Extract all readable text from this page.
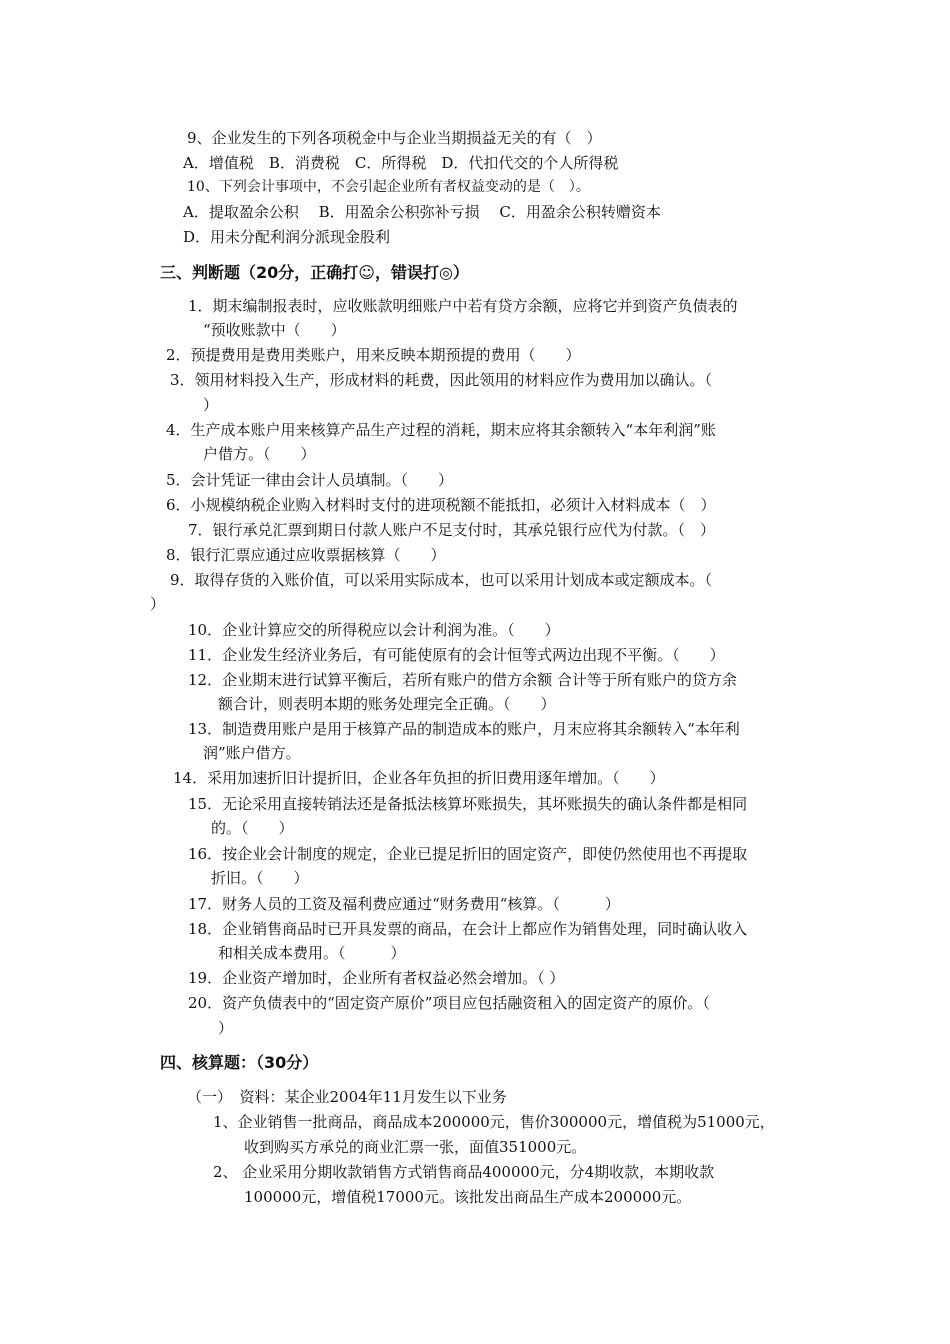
9、企业发生的下列各项税金中与企业当期损益无关的有（　）
A．增值税　B．消费税　C．所得税　D．代扣代交的个人所得税
10、下列会计事项中，不会引起企业所有者权益变动的是（　）。
A．提取盈余公积　 B．用盈余公积弥补亏损　 C．用盈余公积转赠资本
D．用未分配利润分派现金股利
三、判断题（20分，正确打☺，错误打◎）
1．期末编制报表时，应收账款明细账户中若有贷方余额，应将它并到资产负债表的
“预收账款中（　　）
2．预提费用是费用类账户，用来反映本期预提的费用（　　）
3．领用材料投入生产，形成材料的耗费，因此领用的材料应作为费用加以确认。（
）
4．生产成本账户用来核算产品生产过程的消耗，期末应将其余额转入“本年利润”账
户借方。（　　）
5．会计凭证一律由会计人员填制。（　　）
6．小规模纳税企业购入材料时支付的进项税额不能抵扣，必须计入材料成本（　）
7．银行承兑汇票到期日付款人账户不足支付时，其承兑银行应代为付款。（　）
8．银行汇票应通过应收票据核算（　　）
9．取得存货的入账价值，可以采用实际成本，也可以采用计划成本或定额成本。（
）
10．企业计算应交的所得税应以会计利润为准。（　　）
11．企业发生经济业务后，有可能使原有的会计恒等式两边出现不平衡。（　　）
12．企业期末进行试算平衡后，若所有账户的借方余额 合计等于所有账户的贷方余
额合计，则表明本期的账务处理完全正确。（　　）
13．制造费用账户是用于核算产品的制造成本的账户，月末应将其余额转入“本年利
润”账户借方。
14．采用加速折旧计提折旧，企业各年负担的折旧费用逐年增加。（　　）
15．无论采用直接转销法还是备抵法核算坏账损失，其坏账损失的确认条件都是相同
的。（　　）
16．按企业会计制度的规定，企业已提足折旧的固定资产，即使仍然使用也不再提取
折旧。（　　）
17．财务人员的工资及福利费应通过“财务费用“核算。（　　　）
18．企业销售商品时已开具发票的商品，在会计上都应作为销售处理，同时确认收入
和相关成本费用。（　　　）
19．企业资产增加时，企业所有者权益必然会增加。（ ）
20．资产负债表中的“固定资产原价”项目应包括融资租入的固定资产的原价。（
）
四、核算题：（30分）
（一）　资料：某企业2004年11月发生以下业务
1、企业销售一批商品，商品成本200000元，售价300000元，增值税为51000元，
收到购买方承兑的商业汇票一张，面值351000元。
2、 企业采用分期收款销售方式销售商品400000元，分4期收款，本期收款
100000元，增值税17000元。该批发出商品生产成本200000元。
